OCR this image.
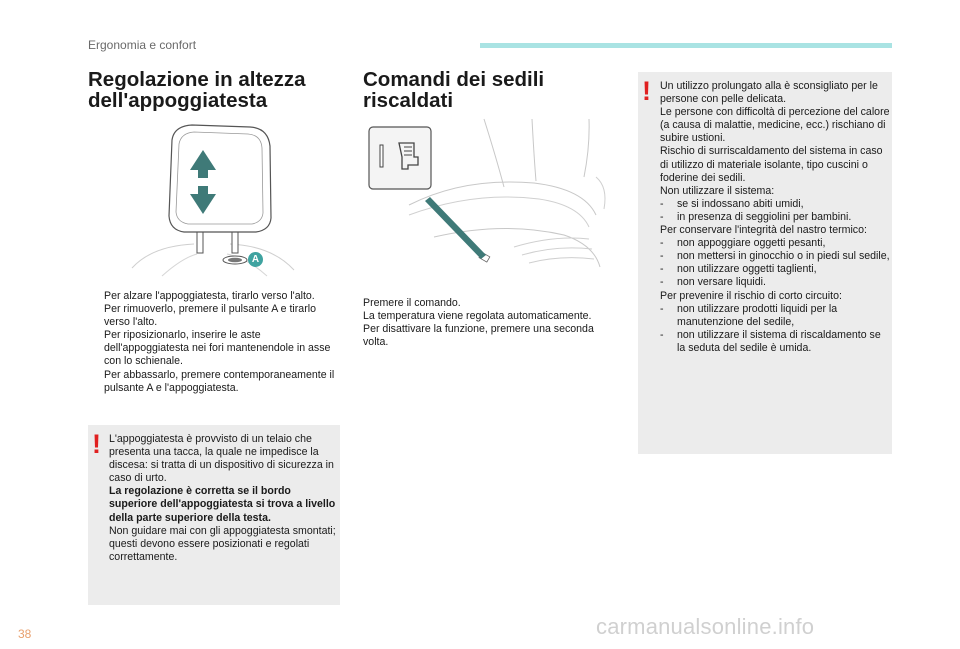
Ergonomia e confort
Regolazione in altezza dell'appoggiatesta
A
Per alzare l'appoggiatesta, tirarlo verso l'alto.
Per rimuoverlo, premere il pulsante A e tirarlo verso l'alto.
Per riposizionarlo, inserire le aste dell'appoggiatesta nei fori mantenendole in asse con lo schienale.
Per abbassarlo, premere contemporaneamente il pulsante A e l'appoggiatesta.
! L'appoggiatesta è provvisto di un telaio che presenta una tacca, la quale ne impedisce la discesa: si tratta di un dispositivo di sicurezza in caso di urto.
La regolazione è corretta se il bordo superiore dell'appoggiatesta si trova a livello della parte superiore della testa.
Non guidare mai con gli appoggiatesta smontati; questi devono essere posizionati e regolati correttamente.
Comandi dei sedili riscaldati
Premere il comando.
La temperatura viene regolata automaticamente.
Per disattivare la funzione, premere una seconda volta.
! Un utilizzo prolungato alla è sconsigliato per le persone con pelle delicata.
Le persone con difficoltà di percezione del calore (a causa di malattie, medicine, ecc.) rischiano di subire ustioni.
Rischio di surriscaldamento del sistema in caso di utilizzo di materiale isolante, tipo cuscini o foderine dei sedili.
Non utilizzare il sistema:
- se si indossano abiti umidi,
- in presenza di seggiolini per bambini.
Per conservare l'integrità del nastro termico:
- non appoggiare oggetti pesanti,
- non mettersi in ginocchio o in piedi sul sedile,
- non utilizzare oggetti taglienti,
- non versare liquidi.
Per prevenire il rischio di corto circuito:
- non utilizzare prodotti liquidi per la manutenzione del sedile,
- non utilizzare il sistema di riscaldamento se la seduta del sedile è umida.
38	carmanualsonline.info
